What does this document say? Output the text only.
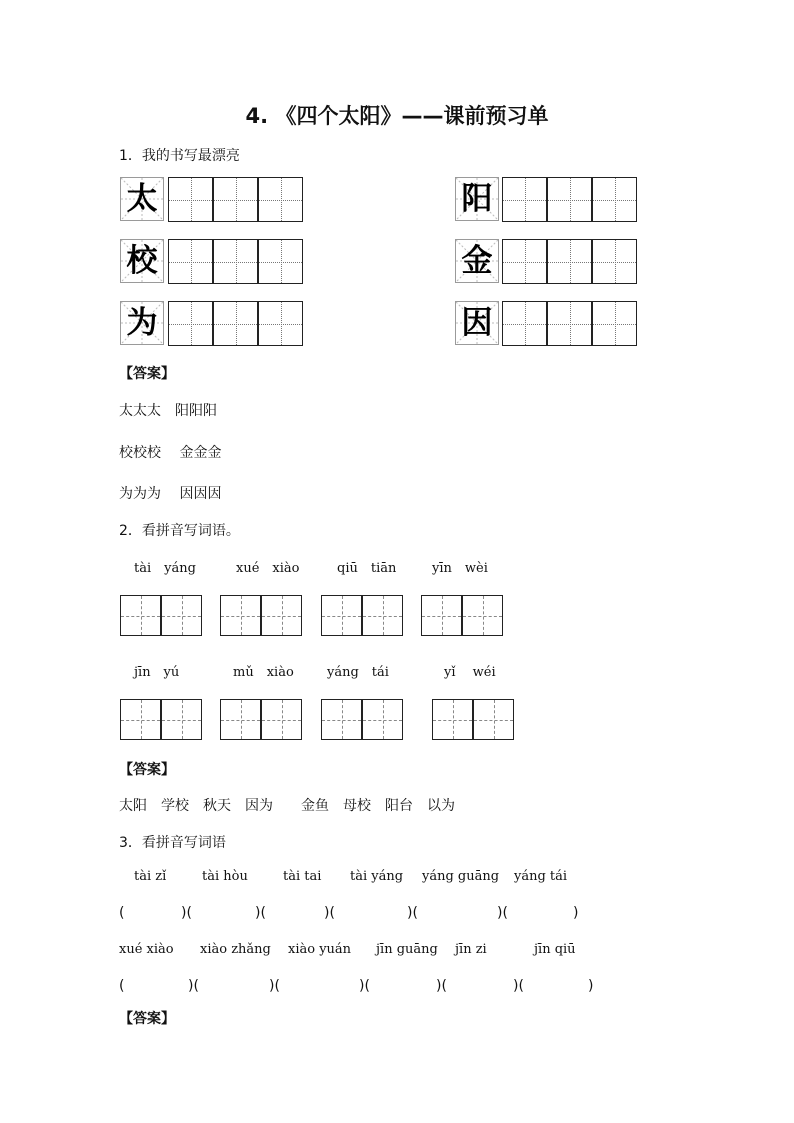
4. 《四个太阳》——课前预习单
1．我的书写最漂亮
太	阳
校	金
为	因
【答案】
太太太　阳阳阳
校校校　 金金金
为为为　 因因因
2．看拼音写词语。
tài　yáng	xué　xiào	qiū　tiān	yīn　wèi
jīn　yú	mǔ　xiào	yáng　tái	yǐ　 wéi
【答案】
太阳　学校　秋天　因为　　金鱼　母校　阳台　以为
3．看拼音写词语
tài zǐ	tài hòu	tài tai tài yáng yáng guāng yáng tái
(	)(	)(	)(	)(	)(	)
xué xiào xiào zhǎng xiào yuán jīn guāng jīn zi	jīn qiū
(	)(	)(	)(	)(	)(	)
【答案】
